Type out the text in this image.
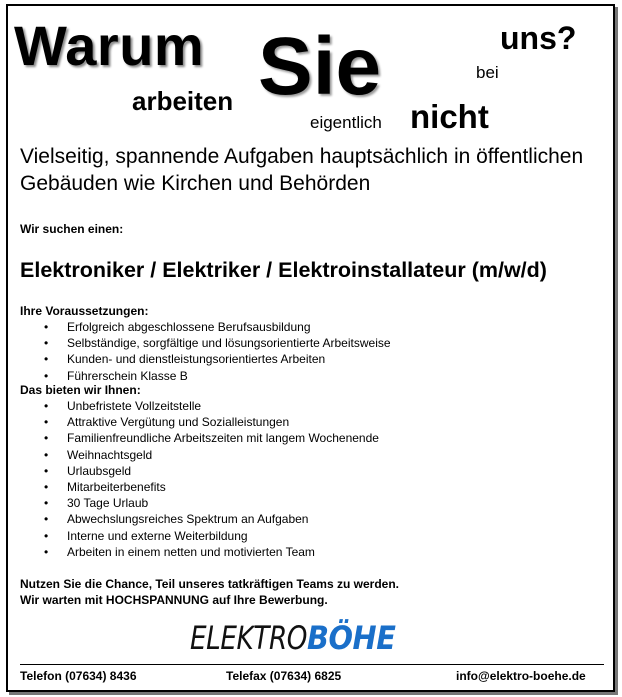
Warum Sie	uns?
bei
arbeiten
eigentlich nicht
Vielseitig, spannende Aufgaben hauptsächlich in öffentlichen Gebäuden wie Kirchen und Behörden
Wir suchen einen:
Elektroniker / Elektriker / Elektroinstallateur (m/w/d)
Ihre Voraussetzungen:
• Erfolgreich abgeschlossene Berufsausbildung
• Selbständige, sorgfältige und lösungsorientierte Arbeitsweise
• Kunden- und dienstleistungsorientiertes Arbeiten
• Führerschein Klasse B
Das bieten wir Ihnen:
• Unbefristete Vollzeitstelle
• Attraktive Vergütung und Sozialleistungen
• Familienfreundliche Arbeitszeiten mit langem Wochenende
• Weihnachtsgeld
• Urlaubsgeld
• Mitarbeiterbenefits
• 30 Tage Urlaub
• Abwechslungsreiches Spektrum an Aufgaben
• Interne und externe Weiterbildung
• Arbeiten in einem netten und motivierten Team
Nutzen Sie die Chance, Teil unseres tatkräftigen Teams zu werden.
Wir warten mit HOCHSPANNUNG auf Ihre Bewerbung.
ELEKTROBÖHE
Telefon (07634) 8436	Telefax (07634) 6825	info@elektro-boehe.de
